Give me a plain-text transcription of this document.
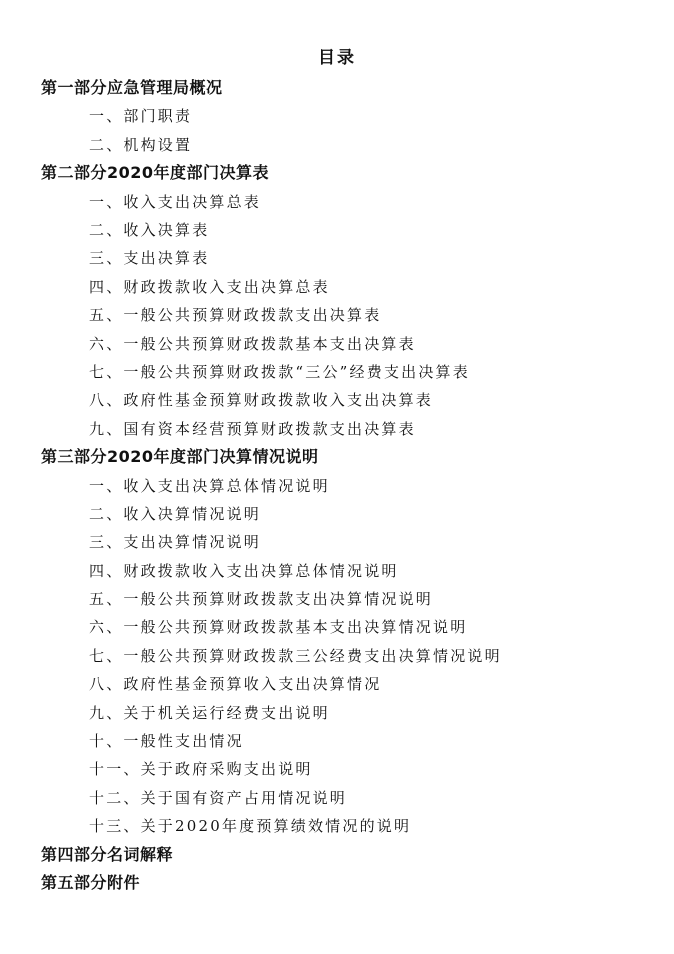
目录
第一部分应急管理局概况
一、部门职责
二、机构设置
第二部分2020年度部门决算表
一、收入支出决算总表
二、收入决算表
三、支出决算表
四、财政拨款收入支出决算总表
五、一般公共预算财政拨款支出决算表
六、一般公共预算财政拨款基本支出决算表
七、一般公共预算财政拨款“三公”经费支出决算表
八、政府性基金预算财政拨款收入支出决算表
九、国有资本经营预算财政拨款支出决算表
第三部分2020年度部门决算情况说明
一、收入支出决算总体情况说明
二、收入决算情况说明
三、支出决算情况说明
四、财政拨款收入支出决算总体情况说明
五、一般公共预算财政拨款支出决算情况说明
六、一般公共预算财政拨款基本支出决算情况说明
七、一般公共预算财政拨款三公经费支出决算情况说明
八、政府性基金预算收入支出决算情况
九、关于机关运行经费支出说明
十、一般性支出情况
十一、关于政府采购支出说明
十二、关于国有资产占用情况说明
十三、关于2020年度预算绩效情况的说明
第四部分名词解释
第五部分附件
